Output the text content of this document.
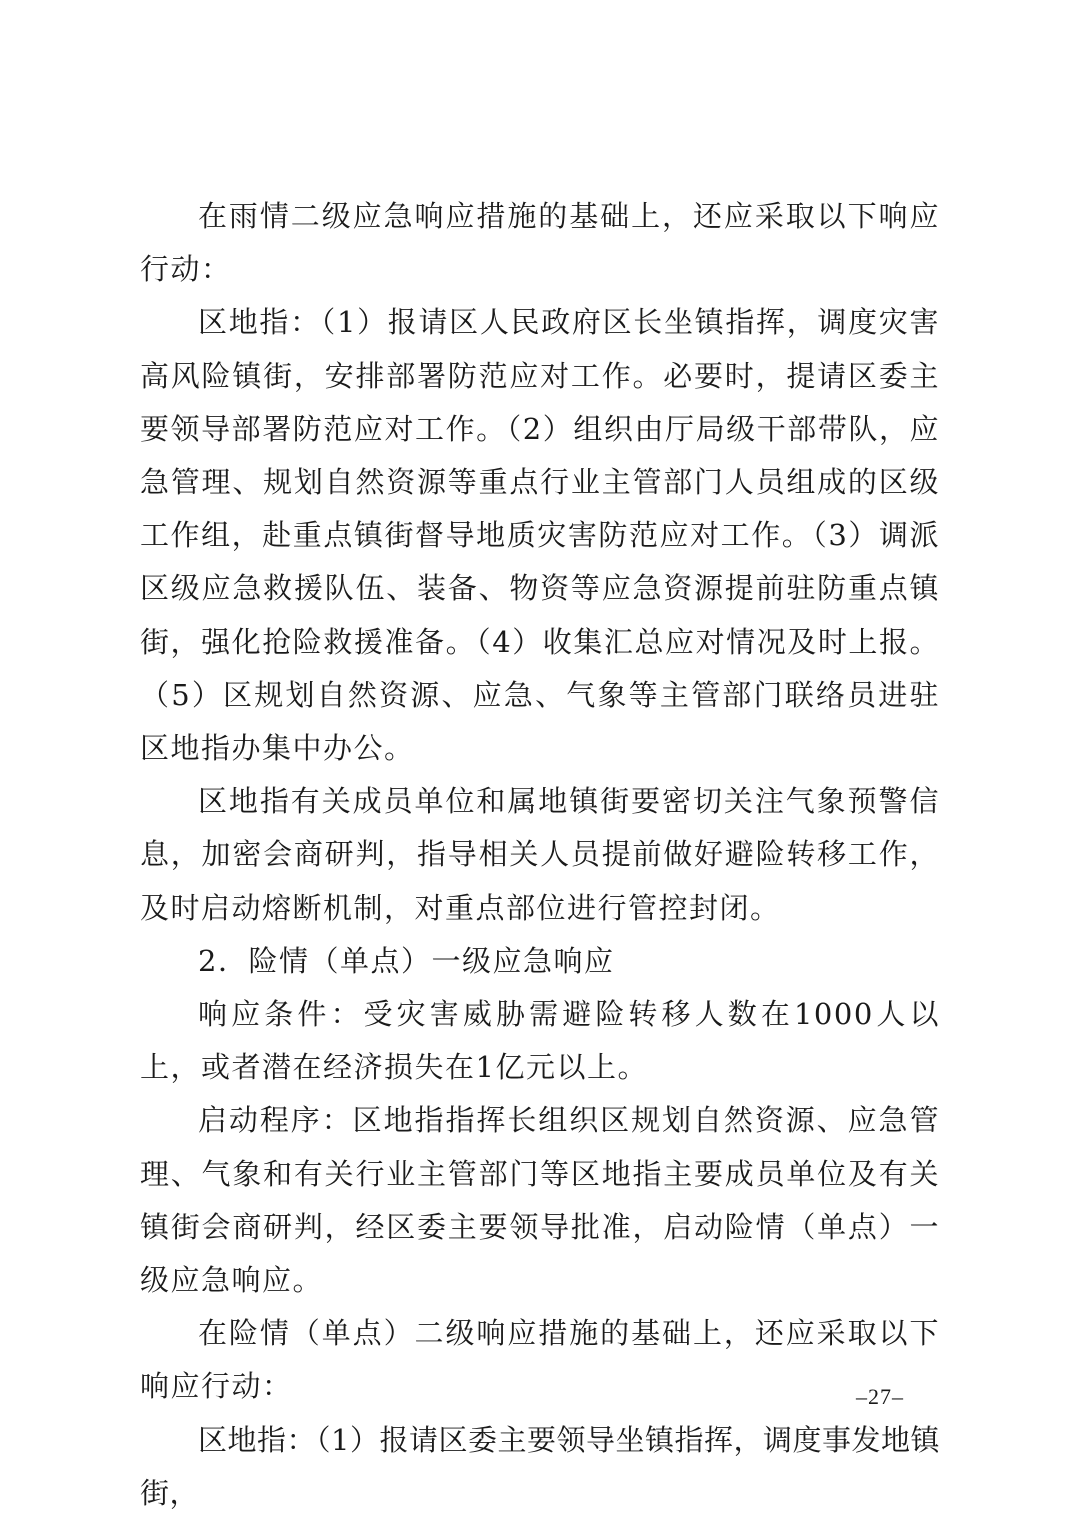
在雨情二级应急响应措施的基础上，还应采取以下响应行动：

区地指：（1）报请区人民政府区长坐镇指挥，调度灾害高风险镇街，安排部署防范应对工作。必要时，提请区委主要领导部署防范应对工作。（2）组织由厅局级干部带队，应急管理、规划自然资源等重点行业主管部门人员组成的区级工作组，赴重点镇街督导地质灾害防范应对工作。（3）调派区级应急救援队伍、装备、物资等应急资源提前驻防重点镇街，强化抢险救援准备。（4）收集汇总应对情况及时上报。（5）区规划自然资源、应急、气象等主管部门联络员进驻区地指办集中办公。

区地指有关成员单位和属地镇街要密切关注气象预警信息，加密会商研判，指导相关人员提前做好避险转移工作，及时启动熔断机制，对重点部位进行管控封闭。

2．险情（单点）一级应急响应

响应条件：受灾害威胁需避险转移人数在1000人以上，或者潜在经济损失在1亿元以上。

启动程序：区地指指挥长组织区规划自然资源、应急管理、气象和有关行业主管部门等区地指主要成员单位及有关镇街会商研判，经区委主要领导批准，启动险情（单点）一级应急响应。

在险情（单点）二级响应措施的基础上，还应采取以下响应行动：

区地指：（1）报请区委主要领导坐镇指挥，调度事发地镇街，

–27–
